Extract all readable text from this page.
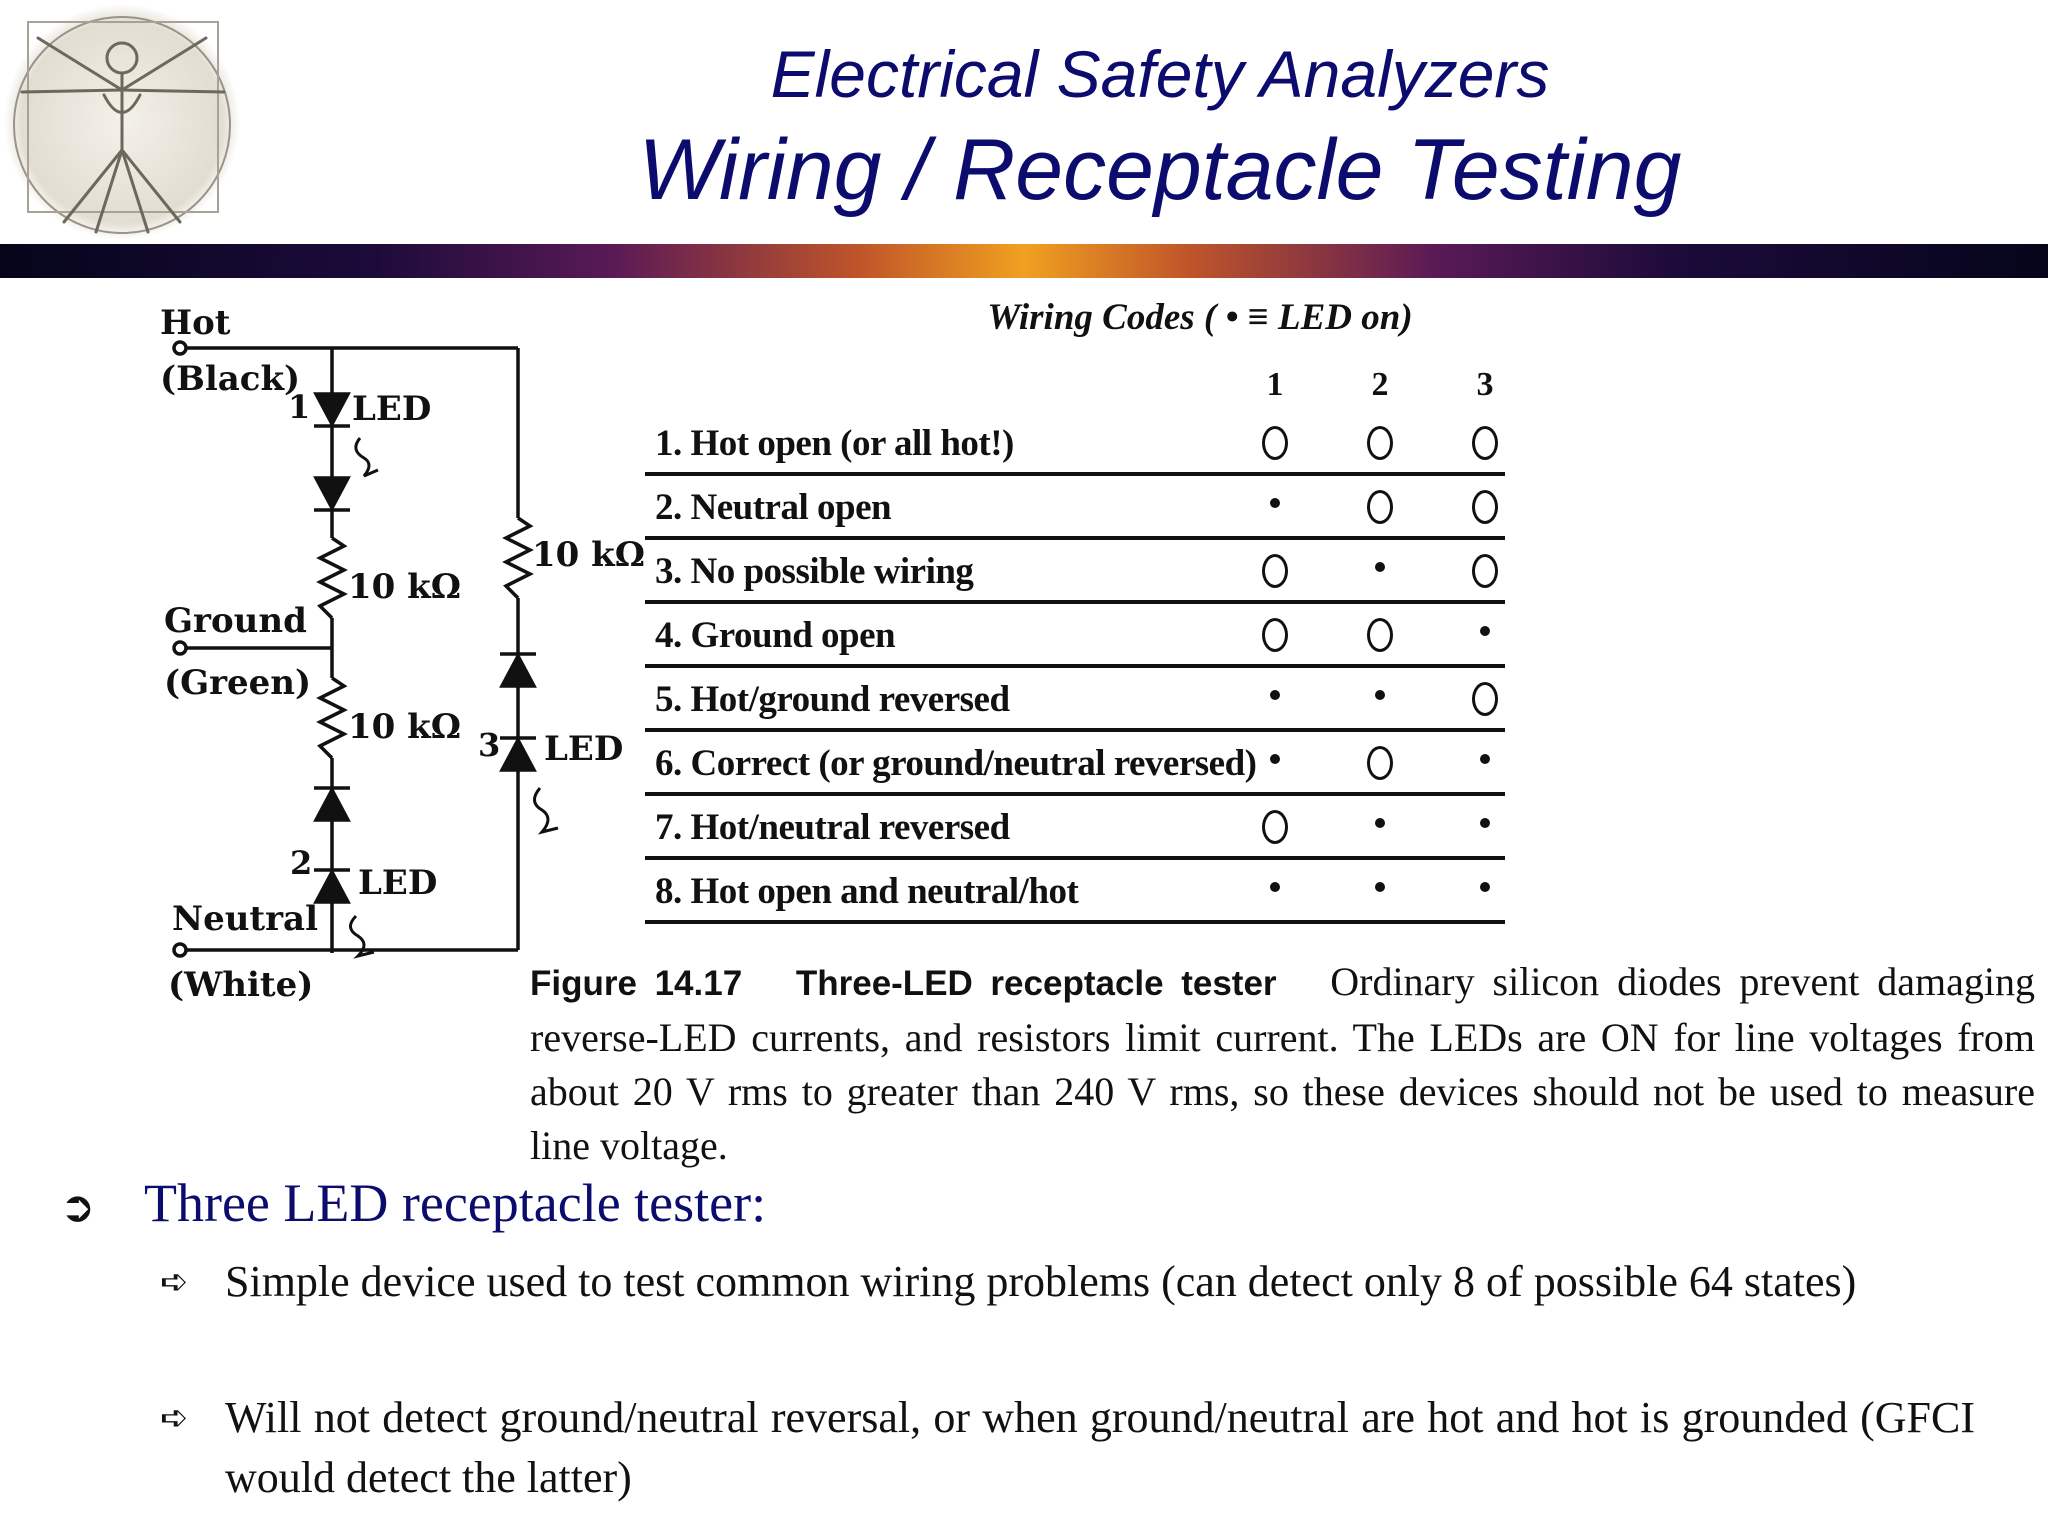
Electrical Safety Analyzers
Wiring / Receptacle Testing
Hot
(Black)
1 LED
10 kΩ
Ground
(Green)
10 kΩ
10 kΩ
3 LED
2 LED
Neutral
(White)
Wiring Codes ( • ≡ LED on)
1	2	3
1. Hot open (or all hot!)
2. Neutral open
3. No possible wiring
4. Ground open
5. Hot/ground reversed
6. Correct (or ground/neutral reversed)
7. Hot/neutral reversed
8. Hot open and neutral/hot
Figure 14.17 Three-LED receptacle tester Ordinary silicon diodes prevent damaging reverse-LED currents, and resistors limit current. The LEDs are ON for line voltages from about 20 V rms to greater than 240 V rms, so these devices should not be used to measure line voltage.
➲ Three LED receptacle tester:
➪ Simple device used to test common wiring problems (can detect only 8 of possible 64 states)
➪ Will not detect ground/neutral reversal, or when ground/neutral are hot and hot is grounded (GFCI would detect the latter)
